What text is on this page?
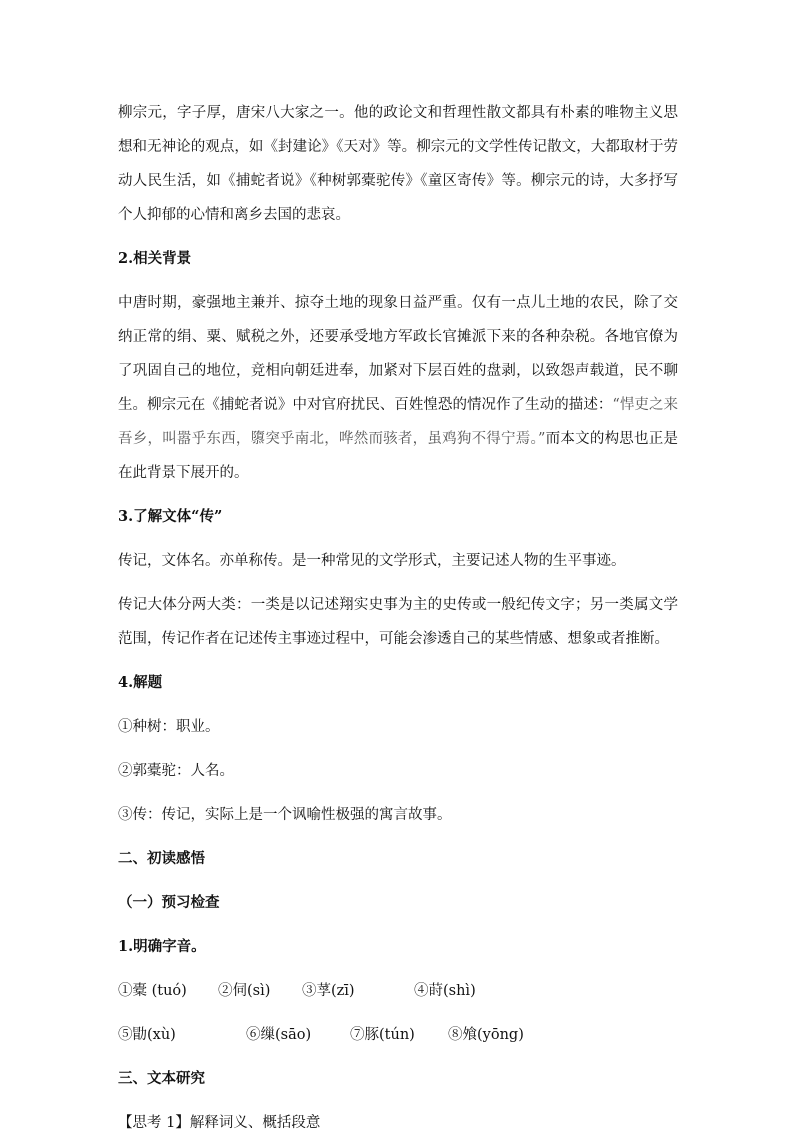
柳宗元，字子厚，唐宋八大家之一。他的政论文和哲理性散文都具有朴素的唯物主义思想和无神论的观点，如《封建论》《天对》等。柳宗元的文学性传记散文，大都取材于劳动人民生活，如《捕蛇者说》《种树郭橐驼传》《童区寄传》等。柳宗元的诗，大多抒写个人抑郁的心情和离乡去国的悲哀。

2.相关背景

中唐时期，豪强地主兼并、掠夺土地的现象日益严重。仅有一点儿土地的农民，除了交纳正常的绢、粟、赋税之外，还要承受地方军政长官摊派下来的各种杂税。各地官僚为了巩固自己的地位，竞相向朝廷进奉，加紧对下层百姓的盘剥，以致怨声载道，民不聊生。柳宗元在《捕蛇者说》中对官府扰民、百姓惶恐的情况作了生动的描述：“悍吏之来吾乡，叫嚣乎东西，隳突乎南北，哗然而骇者，虽鸡狗不得宁焉。”而本文的构思也正是在此背景下展开的。

3.了解文体“传”

传记，文体名。亦单称传。是一种常见的文学形式，主要记述人物的生平事迹。

传记大体分两大类：一类是以记述翔实史事为主的史传或一般纪传文字；另一类属文学范围，传记作者在记述传主事迹过程中，可能会渗透自己的某些情感、想象或者推断。

4.解题

①种树：职业。

②郭橐驼：人名。

③传：传记，实际上是一个讽喻性极强的寓言故事。

二、初读感悟

（一）预习检查

1.明确字音。

①橐 (tuó)	②伺(sì)	③莩(zī)	④莳(shì)
⑤勖(xù)	⑥缫(sāo)	⑦豚(tún)	⑧飧(yōng)

三、文本研究

【思考 1】解释词义、概括段意
